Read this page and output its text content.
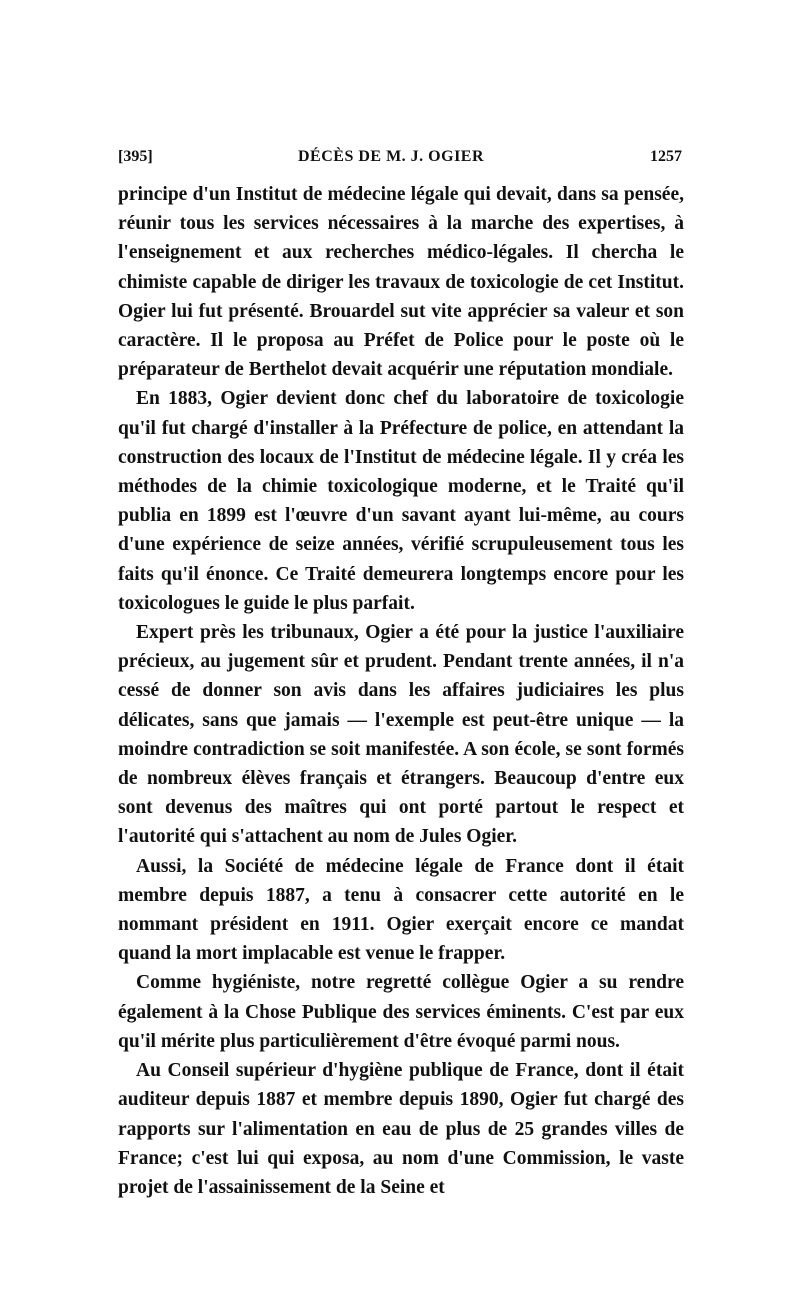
[395]	DÉCÈS DE M. J. OGIER	1257

principe d'un Institut de médecine légale qui devait, dans sa pensée, réunir tous les services nécessaires à la marche des expertises, à l'enseignement et aux recherches médico-légales. Il chercha le chimiste capable de diriger les travaux de toxicologie de cet Institut. Ogier lui fut présenté. Brouardel sut vite apprécier sa valeur et son caractère. Il le proposa au Préfet de Police pour le poste où le préparateur de Berthelot devait acquérir une réputation mondiale.

En 1883, Ogier devient donc chef du laboratoire de toxicologie qu'il fut chargé d'installer à la Préfecture de police, en attendant la construction des locaux de l'Institut de médecine légale. Il y créa les méthodes de la chimie toxicologique moderne, et le Traité qu'il publia en 1899 est l'œuvre d'un savant ayant lui-même, au cours d'une expérience de seize années, vérifié scrupuleusement tous les faits qu'il énonce. Ce Traité demeurera longtemps encore pour les toxicologues le guide le plus parfait.

Expert près les tribunaux, Ogier a été pour la justice l'auxiliaire précieux, au jugement sûr et prudent. Pendant trente années, il n'a cessé de donner son avis dans les affaires judiciaires les plus délicates, sans que jamais — l'exemple est peut-être unique — la moindre contradiction se soit manifestée. A son école, se sont formés de nombreux élèves français et étrangers. Beaucoup d'entre eux sont devenus des maîtres qui ont porté partout le respect et l'autorité qui s'attachent au nom de Jules Ogier.

Aussi, la Société de médecine légale de France dont il était membre depuis 1887, a tenu à consacrer cette autorité en le nommant président en 1911. Ogier exerçait encore ce mandat quand la mort implacable est venue le frapper.

Comme hygiéniste, notre regretté collègue Ogier a su rendre également à la Chose Publique des services éminents. C'est par eux qu'il mérite plus particulièrement d'être évoqué parmi nous.

Au Conseil supérieur d'hygiène publique de France, dont il était auditeur depuis 1887 et membre depuis 1890, Ogier fut chargé des rapports sur l'alimentation en eau de plus de 25 grandes villes de France; c'est lui qui exposa, au nom d'une Commission, le vaste projet de l'assainissement de la Seine et
